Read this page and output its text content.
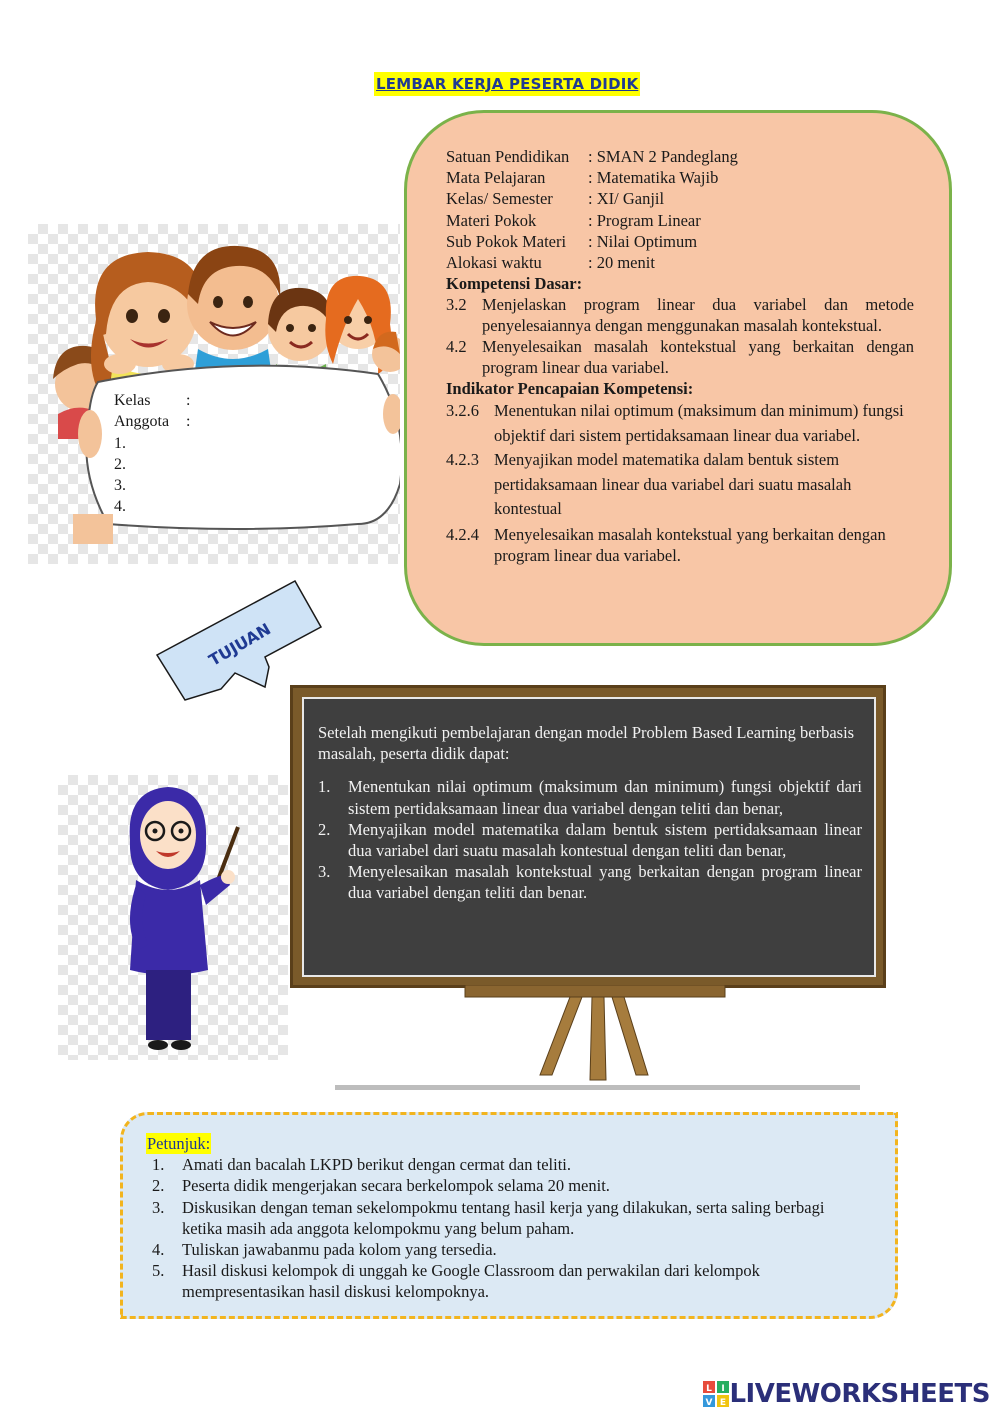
LEMBAR KERJA PESERTA DIDIK
Satuan Pendidikan	: SMAN 2 Pandeglang
Mata Pelajaran	: Matematika Wajib
Kelas/ Semester	: XI/ Ganjil
Materi Pokok	: Program Linear
Sub Pokok Materi	: Nilai Optimum
Alokasi waktu	: 20 menit
Kompetensi Dasar:
3.2 Menjelaskan program linear dua variabel dan metode penyelesaiannya dengan menggunakan masalah kontekstual.
4.2 Menyelesaikan masalah kontekstual yang berkaitan dengan program linear dua variabel.
Indikator Pencapaian Kompetensi:
3.2.6 Menentukan nilai optimum (maksimum dan minimum) fungsi objektif dari sistem pertidaksamaan linear dua variabel.
4.2.3 Menyajikan model matematika dalam bentuk sistem pertidaksamaan linear dua variabel dari suatu masalah kontestual
4.2.4 Menyelesaikan masalah kontekstual yang berkaitan dengan program linear dua variabel.
Kelas	:
Anggota	:
1.
2.
3.
4.
TUJUAN
Setelah mengikuti pembelajaran dengan model Problem Based Learning berbasis masalah, peserta didik dapat:
1.	Menentukan nilai optimum (maksimum dan minimum) fungsi objektif dari sistem pertidaksamaan linear dua variabel dengan teliti dan benar,
2.	Menyajikan model matematika dalam bentuk sistem pertidaksamaan linear dua variabel dari suatu masalah kontestual dengan teliti dan benar,
3.	Menyelesaikan masalah kontekstual yang berkaitan dengan program linear dua variabel dengan teliti dan benar.
Petunjuk:
1.	Amati dan bacalah LKPD berikut dengan cermat dan teliti.
2.	Peserta didik mengerjakan secara berkelompok selama 20 menit.
3.	Diskusikan dengan teman sekelompokmu tentang hasil kerja yang dilakukan, serta saling berbagi ketika masih ada anggota kelompokmu yang belum paham.
4.	Tuliskan jawabanmu pada kolom yang tersedia.
5.	Hasil diskusi kelompok di unggah ke Google Classroom dan perwakilan dari kelompok mempresentasikan hasil diskusi kelompoknya.
L I
V E LIVEWORKSHEETS
